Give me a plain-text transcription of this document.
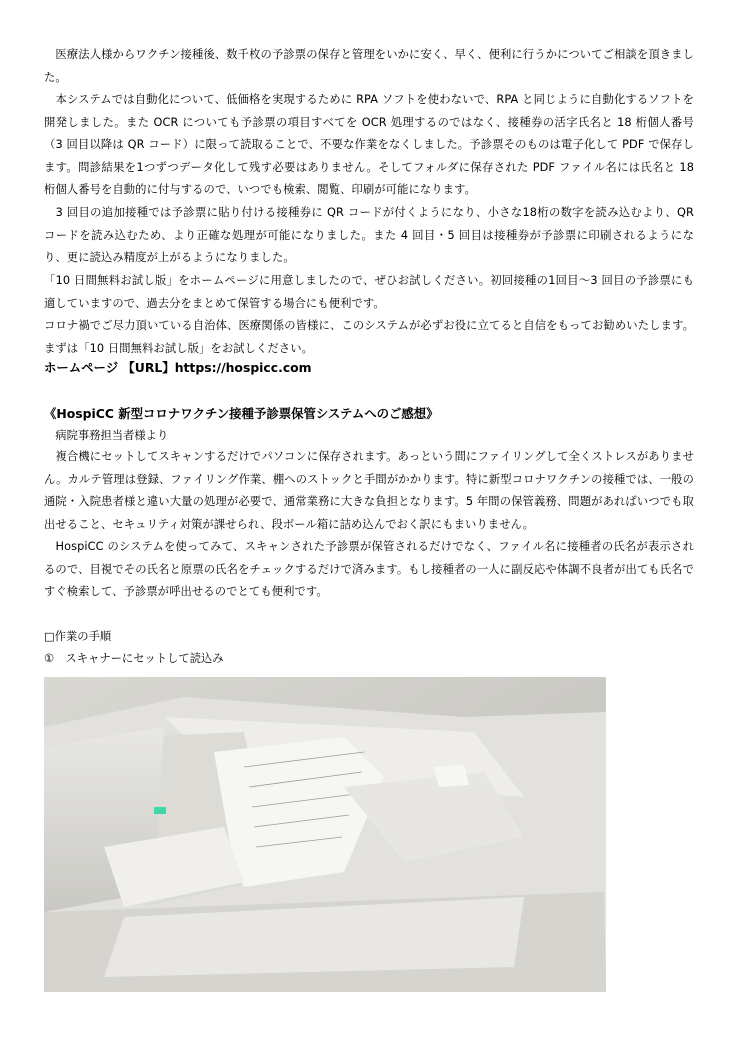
　医療法人様からワクチン接種後、数千枚の予診票の保存と管理をいかに安く、早く、便利に行うかについてご相談を頂きました。

　本システムでは自動化について、低価格を実現するために RPA ソフトを使わないで、RPA と同じように自動化するソフトを開発しました。また OCR についても予診票の項目すべてを OCR 処理するのではなく、接種券の活字氏名と 18 桁個人番号（3 回目以降は QR コード）に限って読取ることで、不要な作業をなくしました。予診票そのものは電子化して PDF で保存します。問診結果を1つずつデータ化して残す必要はありません。そしてフォルダに保存された PDF ファイル名には氏名と 18 桁個人番号を自動的に付与するので、いつでも検索、閲覧、印刷が可能になります。

　3 回目の追加接種では予診票に貼り付ける接種券に QR コードが付くようになり、小さな18桁の数字を読み込むより、QR コードを読み込むため、より正確な処理が可能になりました。また 4 回目・5 回目は接種券が予診票に印刷されるようになり、更に読込み精度が上がるようになりました。

「10 日間無料お試し版」をホームページに用意しましたので、ぜひお試しください。初回接種の1回目～3 回目の予診票にも適していますので、過去分をまとめて保管する場合にも便利です。

コロナ禍でご尽力頂いている自治体、医療関係の皆様に、このシステムが必ずお役に立てると自信をもってお勧めいたします。まずは「10 日間無料お試し版」をお試しください。

ホームページ 【URL】https://hospicc.com

《HospiCC 新型コロナワクチン接種予診票保管システムへのご感想》

　病院事務担当者様より

　複合機にセットしてスキャンするだけでパソコンに保存されます。あっという間にファイリングして全くストレスがありません。カルテ管理は登録、ファイリング作業、棚へのストックと手間がかかります。特に新型コロナワクチンの接種では、一般の通院・入院患者様と違い大量の処理が必要で、通常業務に大きな負担となります。5 年間の保管義務、問題があればいつでも取出せること、セキュリティ対策が課せられ、段ボール箱に詰め込んでおく訳にもまいりません。

　HospiCC のシステムを使ってみて、スキャンされた予診票が保管されるだけでなく、ファイル名に接種者の氏名が表示されるので、目視でその氏名と原票の氏名をチェックするだけで済みます。もし接種者の一人に副反応や体調不良者が出ても氏名ですぐ検索して、予診票が呼出せるのでとても便利です。

□作業の手順

①　スキャナーにセットして読込み
